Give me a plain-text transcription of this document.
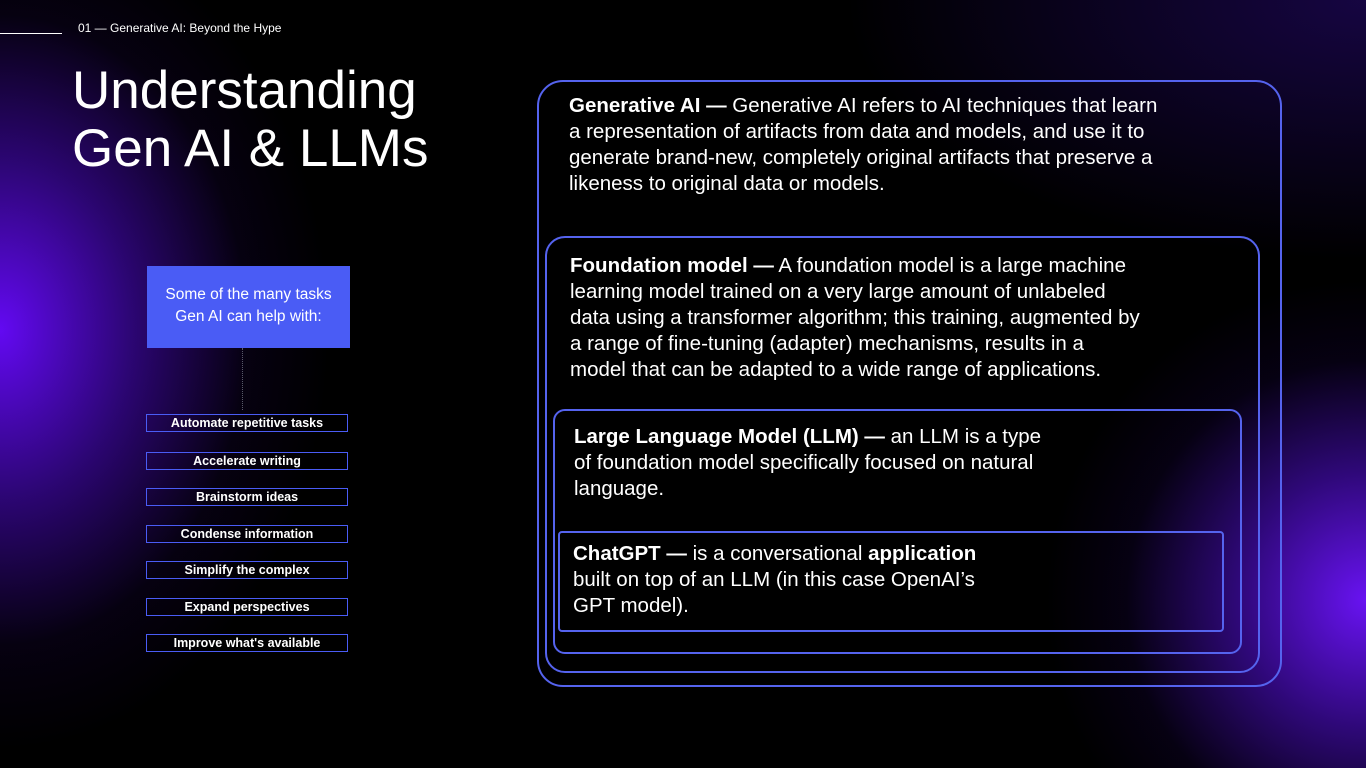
01 — Generative AI: Beyond the Hype
Understanding
Gen AI & LLMs
Some of the many tasks
Gen AI can help with:
Automate repetitive tasks
Accelerate writing
Brainstorm ideas
Condense information
Simplify the complex
Expand perspectives
Improve what's available
Generative AI — Generative AI refers to AI techniques that learn
a representation of artifacts from data and models, and use it to
generate brand-new, completely original artifacts that preserve a
likeness to original data or models.
Foundation model — A foundation model is a large machine
learning model trained on a very large amount of unlabeled
data using a transformer algorithm; this training, augmented by
a range of fine-tuning (adapter) mechanisms, results in a
model that can be adapted to a wide range of applications.
Large Language Model (LLM) — an LLM is a type
of foundation model specifically focused on natural
language.
ChatGPT — is a conversational application
built on top of an LLM (in this case OpenAI’s
GPT model).
